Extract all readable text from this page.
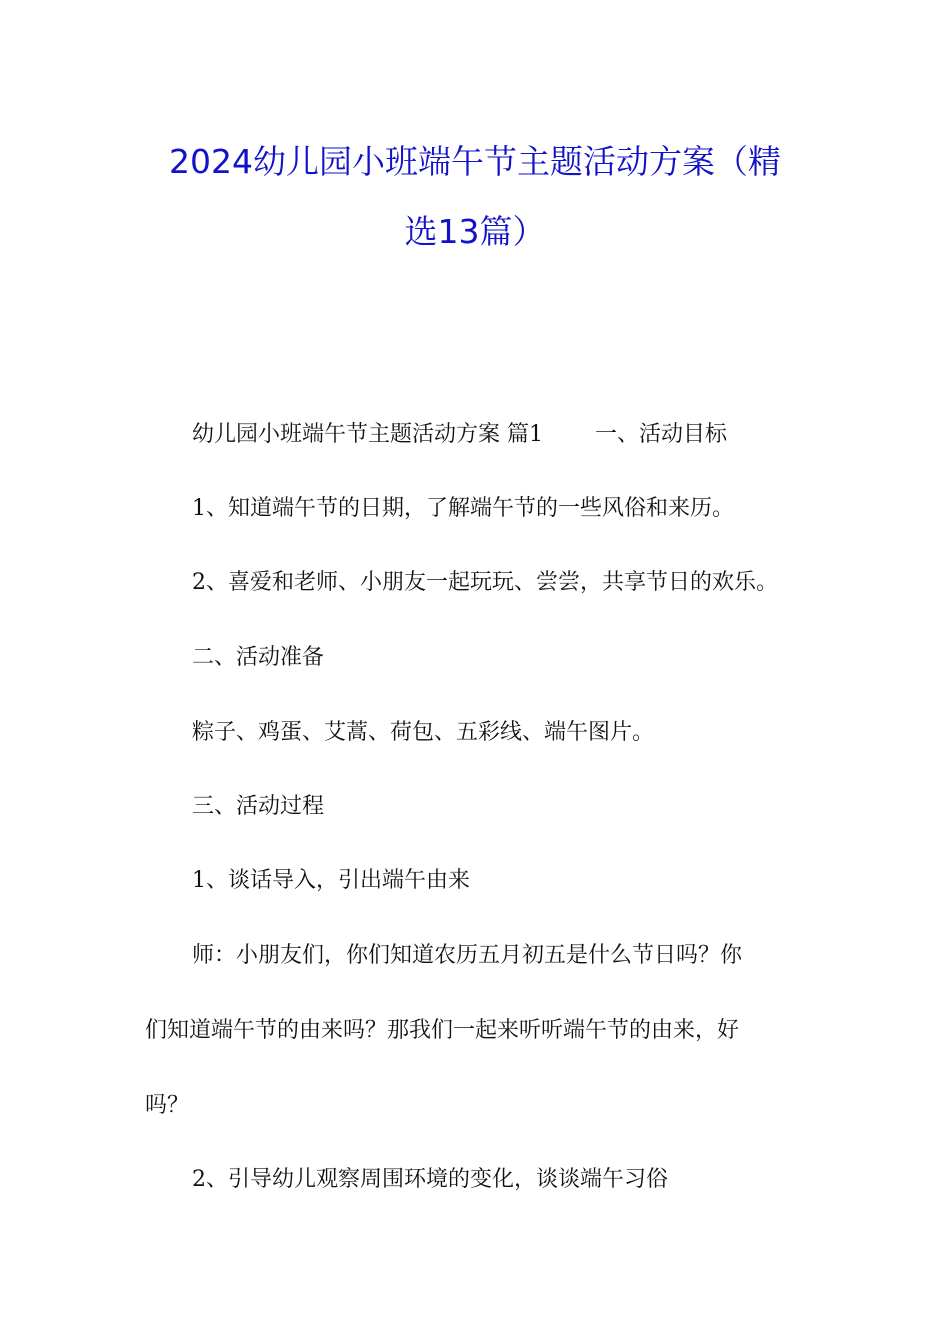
2024幼儿园小班端午节主题活动方案（精
选13篇）
幼儿园小班端午节主题活动方案 篇1 一、活动目标
1、知道端午节的日期，了解端午节的一些风俗和来历。
2、喜爱和老师、小朋友一起玩玩、尝尝，共享节日的欢乐。
二、活动准备
粽子、鸡蛋、艾蒿、荷包、五彩线、端午图片。
三、活动过程
1、谈话导入，引出端午由来
师：小朋友们，你们知道农历五月初五是什么节日吗？你
们知道端午节的由来吗？那我们一起来听听端午节的由来，好
吗？
2、引导幼儿观察周围环境的变化，谈谈端午习俗
